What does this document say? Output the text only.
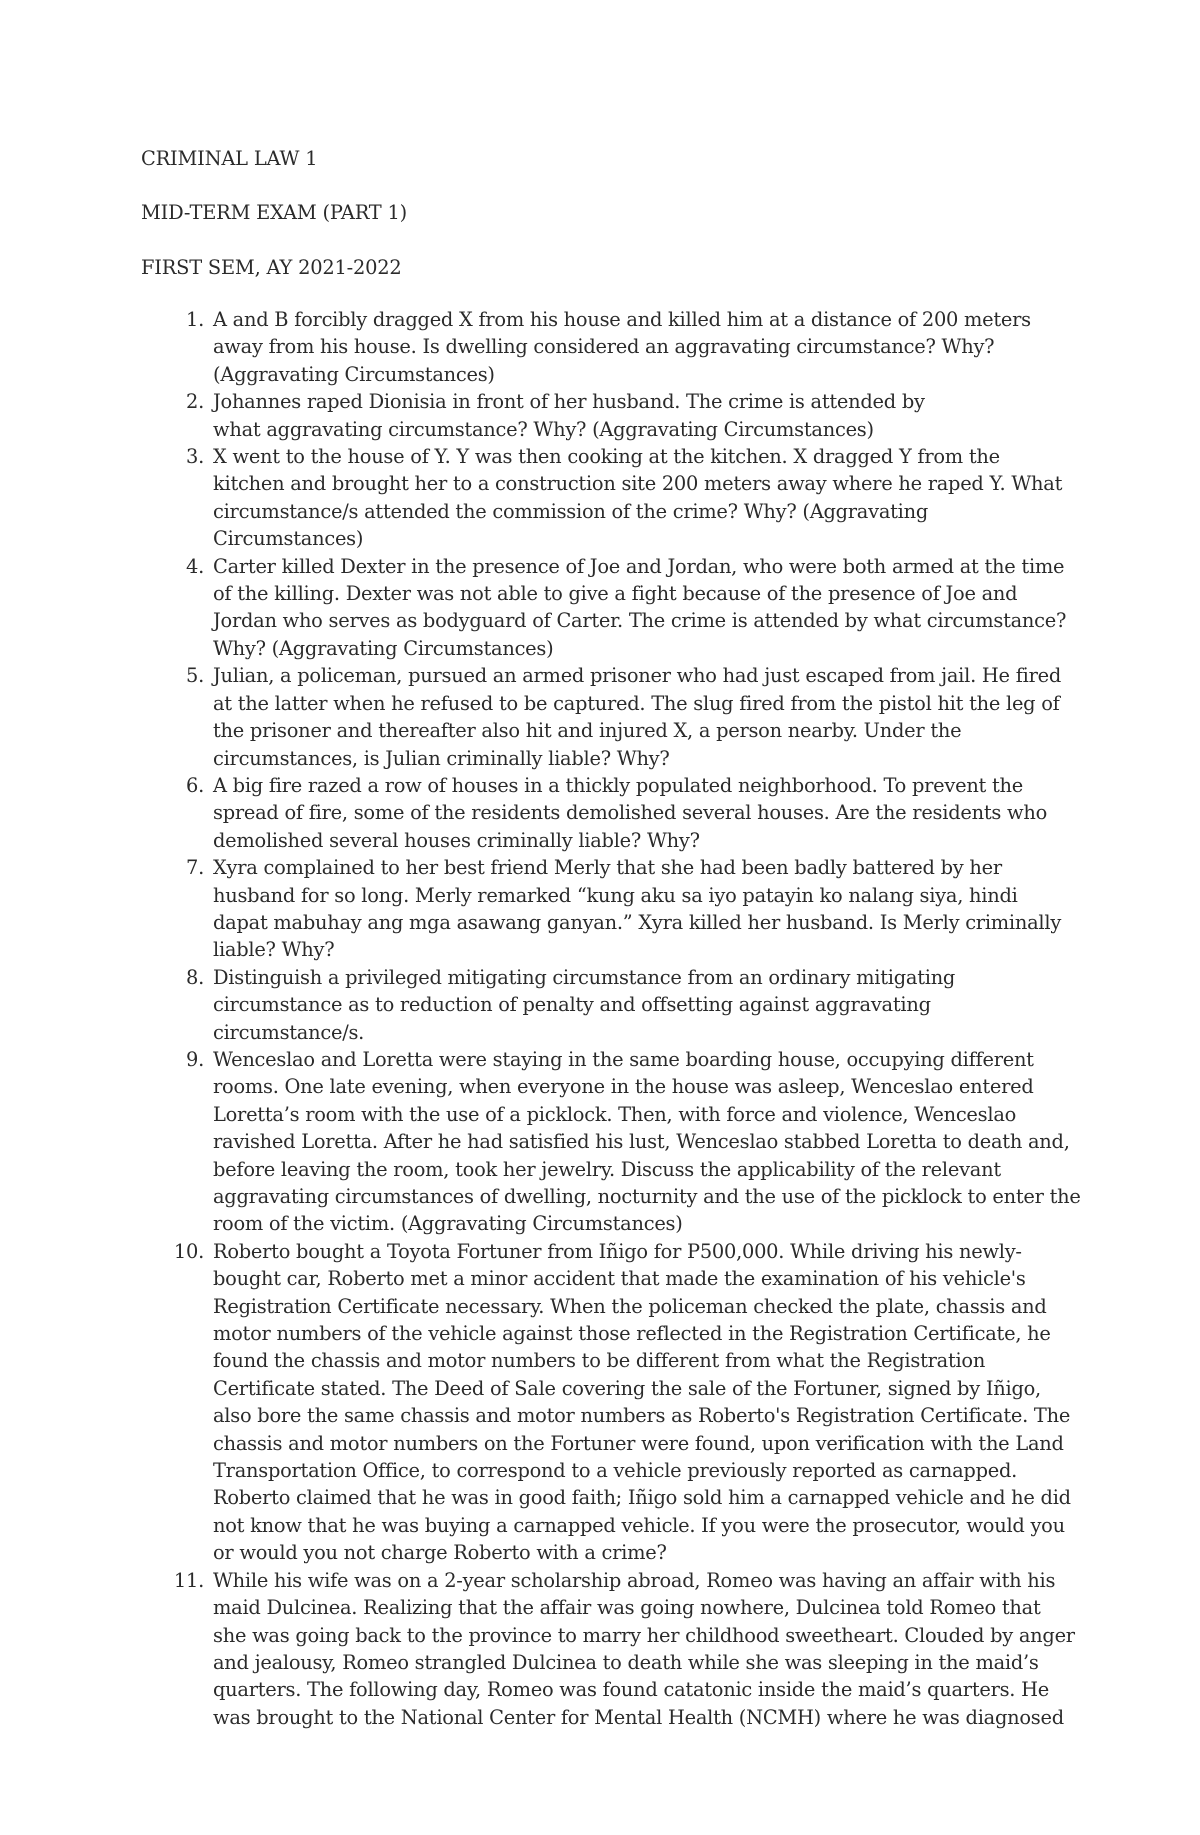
CRIMINAL LAW 1

MID-TERM EXAM (PART 1)

FIRST SEM, AY 2021-2022

1. A and B forcibly dragged X from his house and killed him at a distance of 200 meters
away from his house. Is dwelling considered an aggravating circumstance? Why?
(Aggravating Circumstances)
2. Johannes raped Dionisia in front of her husband. The crime is attended by
what aggravating circumstance? Why? (Aggravating Circumstances)
3. X went to the house of Y. Y was then cooking at the kitchen. X dragged Y from the
kitchen and brought her to a construction site 200 meters away where he raped Y. What
circumstance/s attended the commission of the crime? Why? (Aggravating
Circumstances)
4. Carter killed Dexter in the presence of Joe and Jordan, who were both armed at the time
of the killing. Dexter was not able to give a fight because of the presence of Joe and
Jordan who serves as bodyguard of Carter. The crime is attended by what circumstance?
Why? (Aggravating Circumstances)
5. Julian, a policeman, pursued an armed prisoner who had just escaped from jail. He fired
at the latter when he refused to be captured. The slug fired from the pistol hit the leg of
the prisoner and thereafter also hit and injured X, a person nearby. Under the
circumstances, is Julian criminally liable? Why?
6. A big fire razed a row of houses in a thickly populated neighborhood. To prevent the
spread of fire, some of the residents demolished several houses. Are the residents who
demolished several houses criminally liable? Why?
7. Xyra complained to her best friend Merly that she had been badly battered by her
husband for so long. Merly remarked “kung aku sa iyo patayin ko nalang siya, hindi
dapat mabuhay ang mga asawang ganyan.” Xyra killed her husband. Is Merly criminally
liable? Why?
8. Distinguish a privileged mitigating circumstance from an ordinary mitigating
circumstance as to reduction of penalty and offsetting against aggravating circumstance/s.
9. Wenceslao and Loretta were staying in the same boarding house, occupying different
rooms. One late evening, when everyone in the house was asleep, Wenceslao entered
Loretta’s room with the use of a picklock. Then, with force and violence, Wenceslao
ravished Loretta. After he had satisfied his lust, Wenceslao stabbed Loretta to death and,
before leaving the room, took her jewelry. Discuss the applicability of the relevant
aggravating circumstances of dwelling, nocturnity and the use of the picklock to enter the
room of the victim. (Aggravating Circumstances)
10. Roberto bought a Toyota Fortuner from Iñigo for P500,000. While driving his newly-
bought car, Roberto met a minor accident that made the examination of his vehicle's
Registration Certificate necessary. When the policeman checked the plate, chassis and
motor numbers of the vehicle against those reflected in the Registration Certificate, he
found the chassis and motor numbers to be different from what the Registration
Certificate stated. The Deed of Sale covering the sale of the Fortuner, signed by Iñigo,
also bore the same chassis and motor numbers as Roberto's Registration Certificate. The
chassis and motor numbers on the Fortuner were found, upon verification with the Land
Transportation Office, to correspond to a vehicle previously reported as carnapped.
Roberto claimed that he was in good faith; Iñigo sold him a carnapped vehicle and he did
not know that he was buying a carnapped vehicle. If you were the prosecutor, would you
or would you not charge Roberto with a crime?
11. While his wife was on a 2-year scholarship abroad, Romeo was having an affair with his
maid Dulcinea. Realizing that the affair was going nowhere, Dulcinea told Romeo that
she was going back to the province to marry her childhood sweetheart. Clouded by anger
and jealousy, Romeo strangled Dulcinea to death while she was sleeping in the maid’s
quarters. The following day, Romeo was found catatonic inside the maid’s quarters. He
was brought to the National Center for Mental Health (NCMH) where he was diagnosed
